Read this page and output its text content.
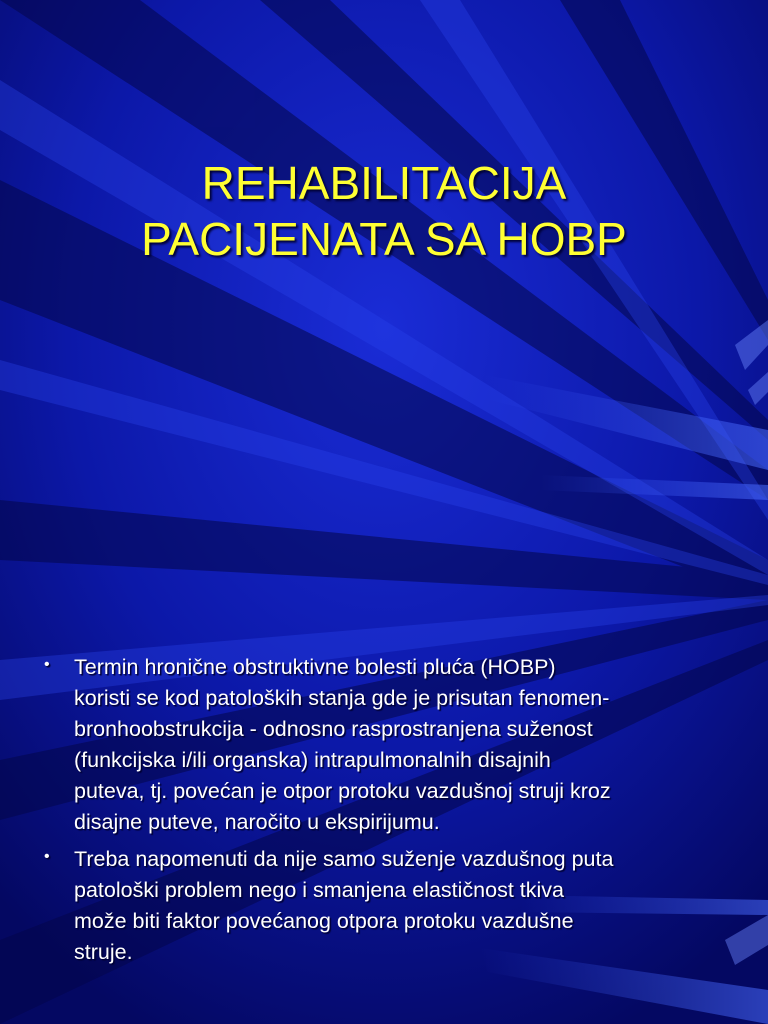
REHABILITACIJA
PACIJENATA SA HOBP
• Termin hronične obstruktivne bolesti pluća (HOBP)
koristi se kod patoloških stanja gde je prisutan fenomen-
bronhoobstrukcija - odnosno rasprostranjena suženost
(funkcijska i/ili organska) intrapulmonalnih disajnih
puteva, tj. povećan je otpor protoku vazdušnoj struji kroz
disajne puteve, naročito u ekspirijumu.
• Treba napomenuti da nije samo suženje vazdušnog puta
patološki problem nego i smanjena elastičnost tkiva
može biti faktor povećanog otpora protoku vazdušne
struje.
